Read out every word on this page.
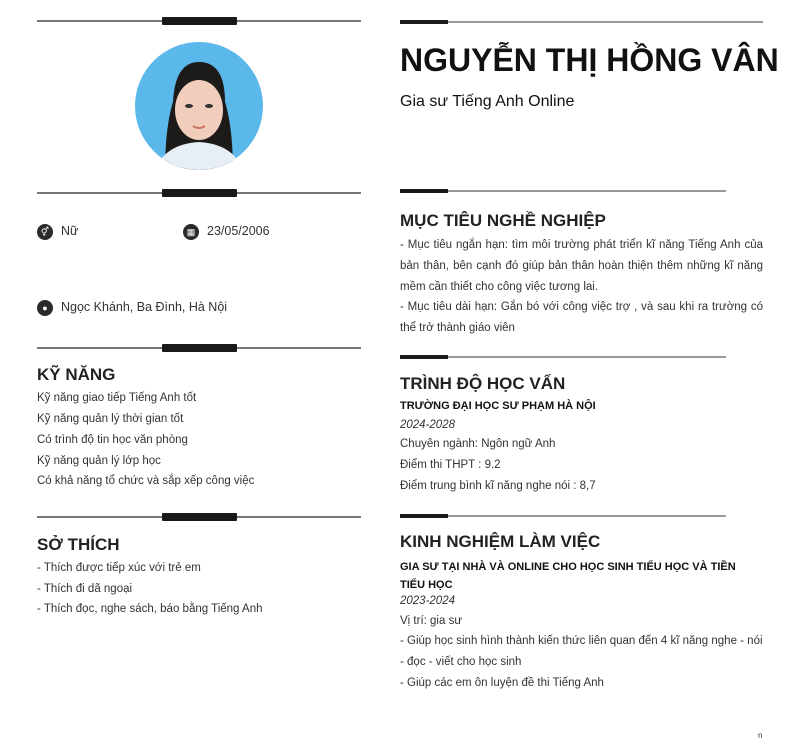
⚥ Nữ	▦ 23/05/2006
●	Ngọc Khánh, Ba Đình, Hà Nội
KỸ NĂNG
Kỹ năng giao tiếp Tiếng Anh tốt
Kỹ năng quản lý thời gian tốt
Có trình độ tin học văn phòng
Kỹ năng quản lý lớp học
Có khả năng tổ chức và sắp xếp công việc
SỞ THÍCH
- Thích được tiếp xúc với trẻ em
- Thích đi dã ngoại
- Thích đọc, nghe sách, báo bằng Tiếng Anh
NGUYỄN THỊ HỒNG VÂN
Gia sư Tiếng Anh Online
MỤC TIÊU NGHỀ NGHIỆP
- Mục tiêu ngắn hạn: tìm môi trường phát triển kĩ năng Tiếng Anh của bản thân, bên cạnh đó giúp bản thân hoàn thiện thêm những kĩ năng mềm cần thiết cho công việc tương lai.
- Mục tiêu dài hạn: Gắn bó với công việc trợ , và sau khi ra trường có thể trở thành giáo viên
TRÌNH ĐỘ HỌC VẤN
TRƯỜNG ĐẠI HỌC SƯ PHẠM HÀ NỘI
2024-2028
Chuyên ngành: Ngôn ngữ Anh
Điểm thi THPT : 9.2
Điểm trung bình kĩ năng nghe nói : 8,7
KINH NGHIỆM LÀM VIỆC
GIA SƯ TẠI NHÀ VÀ ONLINE CHO HỌC SINH TIỂU HỌC VÀ TIỀN TIỂU HỌC
2023-2024
Vị trí: gia sư
- Giúp học sinh hình thành kiến thức liên quan đến 4 kĩ năng nghe - nói
- đọc - viết cho học sinh
- Giúp các em ôn luyện đề thi Tiếng Anh
n
